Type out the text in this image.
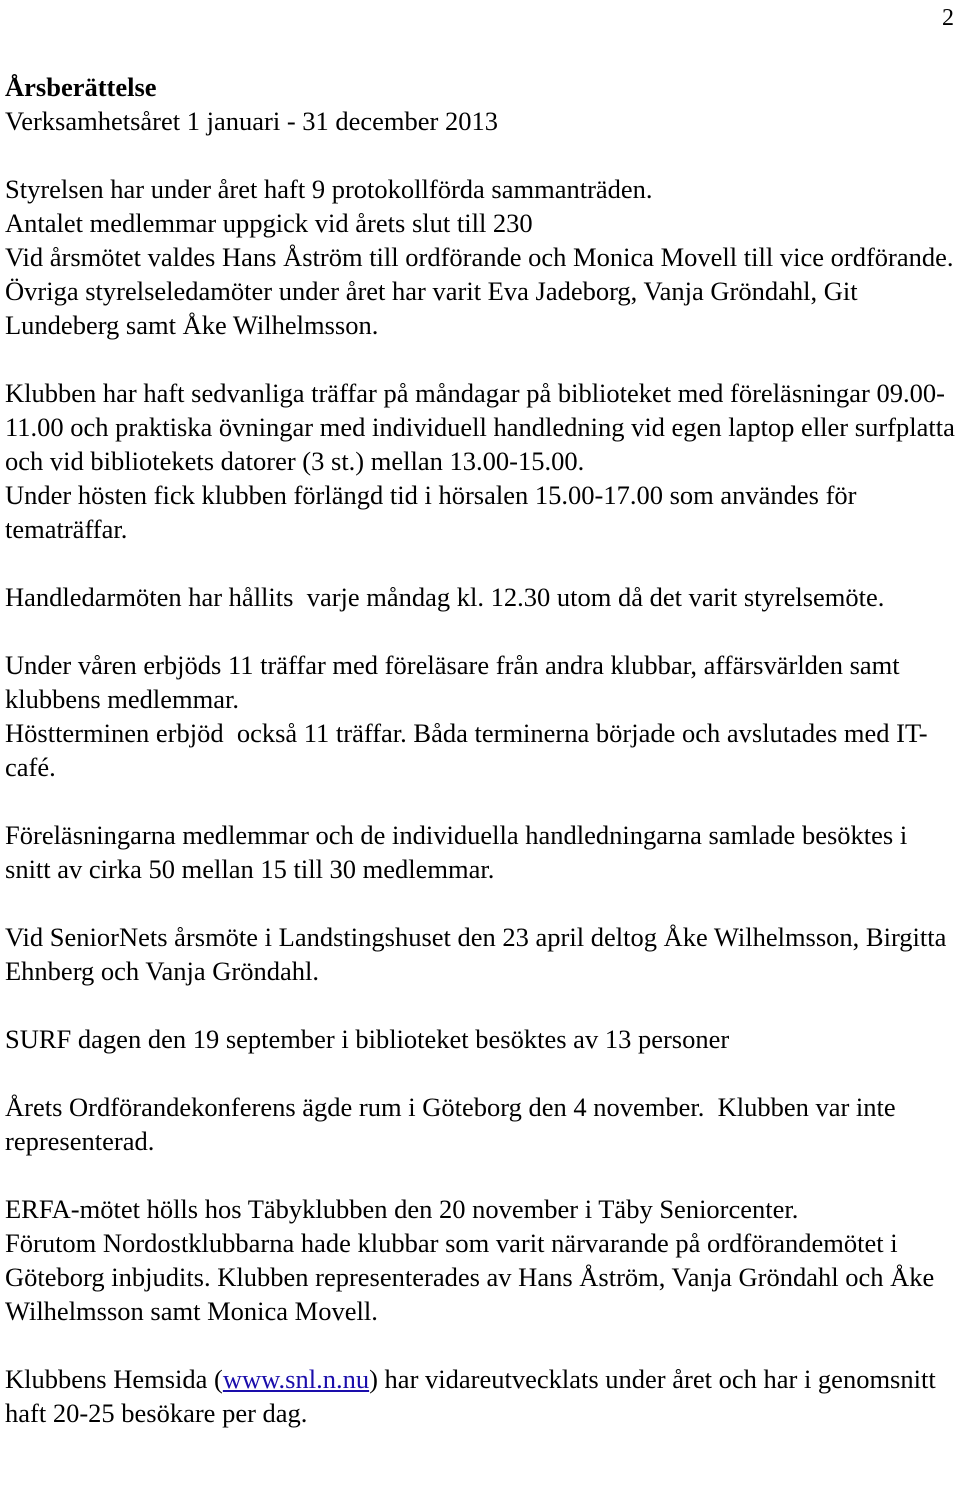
2

Årsberättelse

Verksamhetsåret 1 januari - 31 december 2013

Styrelsen har under året haft 9 protokollförda sammanträden.

Antalet medlemmar uppgick vid årets slut till 230

Vid årsmötet valdes Hans Åström till ordförande och Monica Movell till vice ordförande. Övriga styrelseledamöter under året har varit Eva Jadeborg, Vanja Gröndahl, Git Lundeberg samt Åke Wilhelmsson.

Klubben har haft sedvanliga träffar på måndagar på biblioteket med föreläsningar 09.00-11.00 och praktiska övningar med individuell handledning vid egen laptop eller surfplatta och vid bibliotekets datorer (3 st.) mellan 13.00-15.00.

Under hösten fick klubben förlängd tid i hörsalen 15.00-17.00 som användes för tematräffar.

Handledarmöten har hållits  varje måndag kl. 12.30 utom då det varit styrelsemöte.

Under våren erbjöds 11 träffar med föreläsare från andra klubbar, affärsvärlden samt klubbens medlemmar.

Höstterminen erbjöd  också 11 träffar. Båda terminerna började och avslutades med IT-café.

Föreläsningarna medlemmar och de individuella handledningarna samlade besöktes i snitt av cirka 50 mellan 15 till 30 medlemmar.

Vid SeniorNets årsmöte i Landstingshuset den 23 april deltog Åke Wilhelmsson, Birgitta Ehnberg och Vanja Gröndahl.

SURF dagen den 19 september i biblioteket besöktes av 13 personer

Årets Ordförandekonferens ägde rum i Göteborg den 4 november.  Klubben var inte representerad.

ERFA-mötet hölls hos Täbyklubben den 20 november i Täby Seniorcenter.

Förutom Nordostklubbarna hade klubbar som varit närvarande på ordförandemötet i Göteborg inbjudits. Klubben representerades av Hans Åström, Vanja Gröndahl och Åke Wilhelmsson samt Monica Movell.

Klubbens Hemsida (www.snl.n.nu) har vidareutvecklats under året och har i genomsnitt  haft 20-25 besökare per dag.
